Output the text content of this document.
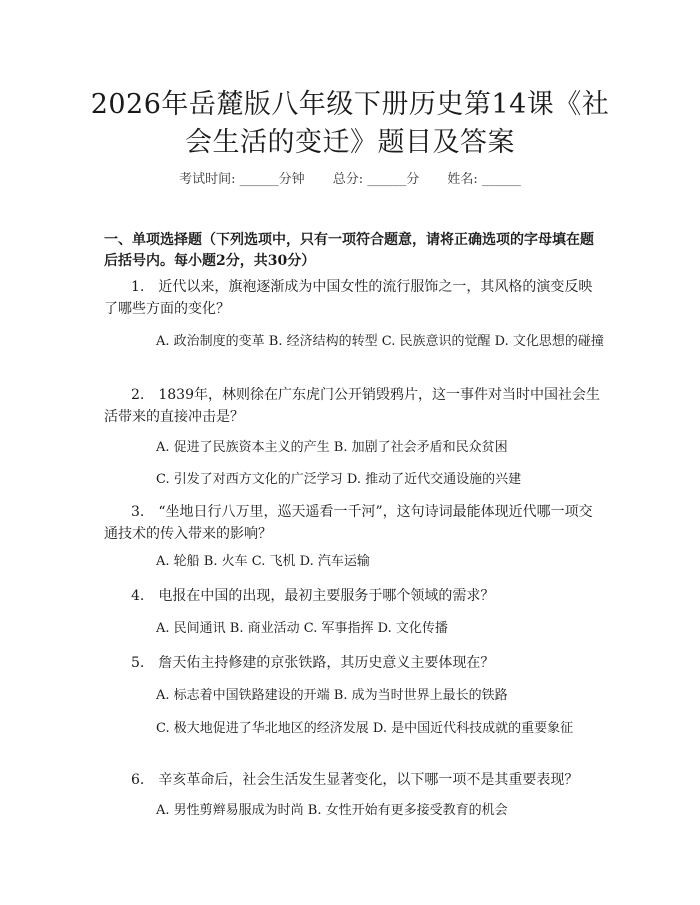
2026年岳麓版八年级下册历史第14课《社会生活的变迁》题目及答案
考试时间: ______分钟 总分: ______分 姓名: ______

一、单项选择题（下列选项中，只有一项符合题意，请将正确选项的字母填在题后括号内。每小题2分，共30分）

1. 近代以来，旗袍逐渐成为中国女性的流行服饰之一，其风格的演变反映了哪些方面的变化？

A. 政治制度的变革 B. 经济结构的转型 C. 民族意识的觉醒 D. 文化思想的碰撞

2. 1839年，林则徐在广东虎门公开销毁鸦片，这一事件对当时中国社会生活带来的直接冲击是？

A. 促进了民族资本主义的产生 B. 加剧了社会矛盾和民众贫困

C. 引发了对西方文化的广泛学习 D. 推动了近代交通设施的兴建

3. “坐地日行八万里，巡天遥看一千河”，这句诗词最能体现近代哪一项交通技术的传入带来的影响？

A. 轮船 B. 火车 C. 飞机 D. 汽车运输

4. 电报在中国的出现，最初主要服务于哪个领域的需求？

A. 民间通讯 B. 商业活动 C. 军事指挥 D. 文化传播

5. 詹天佑主持修建的京张铁路，其历史意义主要体现在？

A. 标志着中国铁路建设的开端 B. 成为当时世界上最长的铁路

C. 极大地促进了华北地区的经济发展 D. 是中国近代科技成就的重要象征

6. 辛亥革命后，社会生活发生显著变化，以下哪一项不是其重要表现？

A. 男性剪辫易服成为时尚 B. 女性开始有更多接受教育的机会
